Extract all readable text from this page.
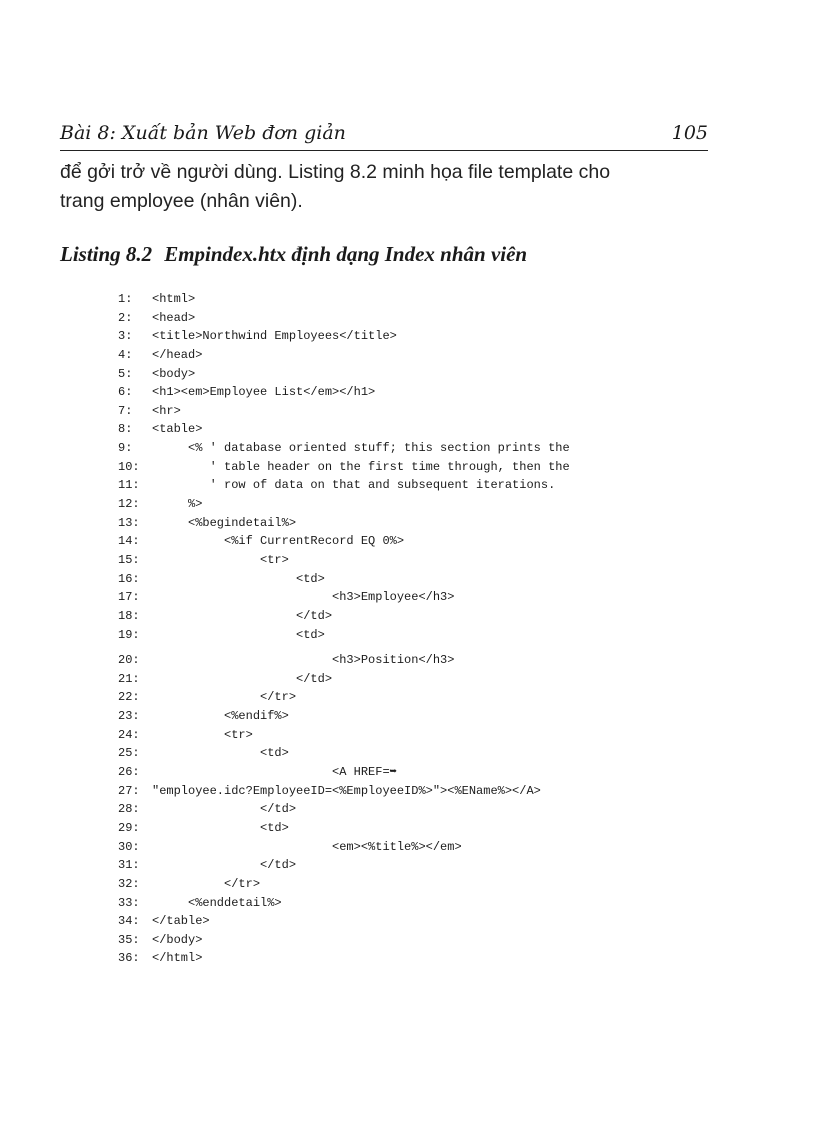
Bài 8: Xuất bản Web đơn giản	105

để gởi trở về người dùng. Listing 8.2 minh họa file template cho

trang employee (nhân viên).

Listing 8.2 Empindex.htx định dạng Index nhân viên
1: <html>
2: <head>
3: <title>Northwind Employees</title>
4: </head>
5: <body>
6: <h1><em>Employee List</em></h1>
7: <hr>
8: <table>
9:     <% ' database oriented stuff; this section prints the
10:        ' table header on the first time through, then the
11:        ' row of data on that and subsequent iterations.
12:     %>
13:     <%begindetail%>
14:          <%if CurrentRecord EQ 0%>
15:               <tr>
16:                    <td>
17:                         <h3>Employee</h3>
18:                    </td>
19:                    <td>
20:                         <h3>Position</h3>
21:                    </td>
22:               </tr>
23:          <%endif%>
24:          <tr>
25:               <td>
26:                         <A HREF=➥
27: "employee.idc?EmployeeID=<%EmployeeID%>"><%EName%></A>
28:               </td>
29:               <td>
30:                         <em><%title%></em>
31:               </td>
32:          </tr>
33:     <%enddetail%>
34: </table>
35: </body>
36: </html>
